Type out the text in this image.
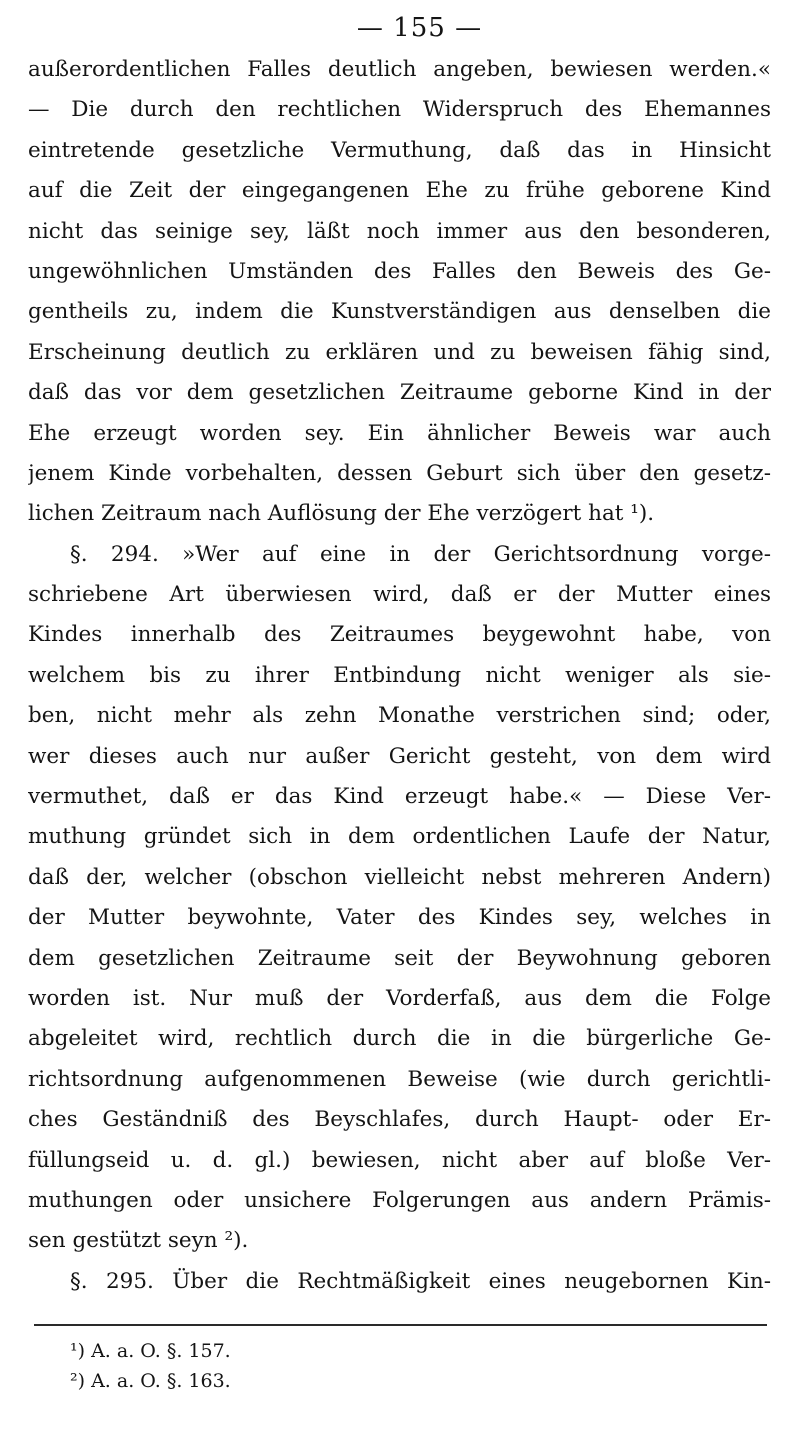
— 155 —
außerordentlichen Falles deutlich angeben, bewiesen werden.«
— Die durch den rechtlichen Widerspruch des Ehemannes
eintretende gesetzliche Vermuthung, daß das in Hinsicht
auf die Zeit der eingegangenen Ehe zu frühe geborene Kind
nicht das seinige sey, läßt noch immer aus den besonderen,
ungewöhnlichen Umständen des Falles den Beweis des Ge-
gentheils zu, indem die Kunstverständigen aus denselben die
Erscheinung deutlich zu erklären und zu beweisen fähig sind,
daß das vor dem gesetzlichen Zeitraume geborne Kind in der
Ehe erzeugt worden sey. Ein ähnlicher Beweis war auch
jenem Kinde vorbehalten, dessen Geburt sich über den gesetz-
lichen Zeitraum nach Auflösung der Ehe verzögert hat ¹).
§. 294. »Wer auf eine in der Gerichtsordnung vorge-
schriebene Art überwiesen wird, daß er der Mutter eines
Kindes innerhalb des Zeitraumes beygewohnt habe, von
welchem bis zu ihrer Entbindung nicht weniger als sie-
ben, nicht mehr als zehn Monathe verstrichen sind; oder,
wer dieses auch nur außer Gericht gesteht, von dem wird
vermuthet, daß er das Kind erzeugt habe.« — Diese Ver-
muthung gründet sich in dem ordentlichen Laufe der Natur,
daß der, welcher (obschon vielleicht nebst mehreren Andern)
der Mutter beywohnte, Vater des Kindes sey, welches in
dem gesetzlichen Zeitraume seit der Beywohnung geboren
worden ist. Nur muß der Vorderfaß, aus dem die Folge
abgeleitet wird, rechtlich durch die in die bürgerliche Ge-
richtsordnung aufgenommenen Beweise (wie durch gerichtli-
ches Geständniß des Beyschlafes, durch Haupt- oder Er-
füllungseid u. d. gl.) bewiesen, nicht aber auf bloße Ver-
muthungen oder unsichere Folgerungen aus andern Prämis-
sen gestützt seyn ²).
§. 295. Über die Rechtmäßigkeit eines neugebornen Kin-
¹) A. a. O. §. 157.
²) A. a. O. §. 163.
